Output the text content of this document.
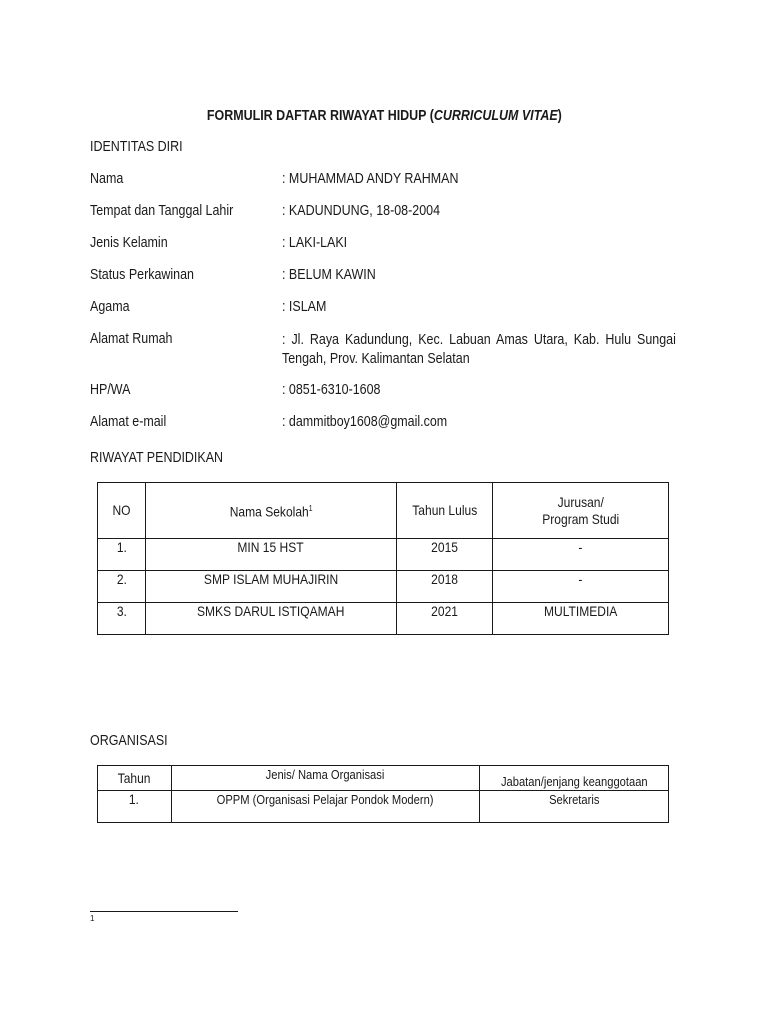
FORMULIR DAFTAR RIWAYAT HIDUP (CURRICULUM VITAE)
IDENTITAS DIRI
Nama	: MUHAMMAD ANDY RAHMAN
Tempat dan Tanggal Lahir	: KADUNDUNG, 18-08-2004
Jenis Kelamin	: LAKI-LAKI
Status Perkawinan	: BELUM KAWIN
Agama	: ISLAM
Alamat Rumah	: Jl. Raya Kadundung, Kec. Labuan Amas Utara, Kab. Hulu Sungai Tengah, Prov. Kalimantan Selatan
HP/WA	: 0851-6310-1608
Alamat e-mail	: dammitboy1608@gmail.com
RIWAYAT PENDIDIKAN
NO	Nama Sekolah$^1$	Tahun Lulus	Jurusan/
Program Studi
1.	MIN 15 HST	2015	-
2.	SMP ISLAM MUHAJIRIN	2018	-
3.	SMKS DARUL ISTIQAMAH	2021	MULTIMEDIA
ORGANISASI
Tahun	Jenis/ Nama Organisasi	Jabatan/jenjang keanggotaan
1.	OPPM (Organisasi Pelajar Pondok Modern)	Sekretaris
1
